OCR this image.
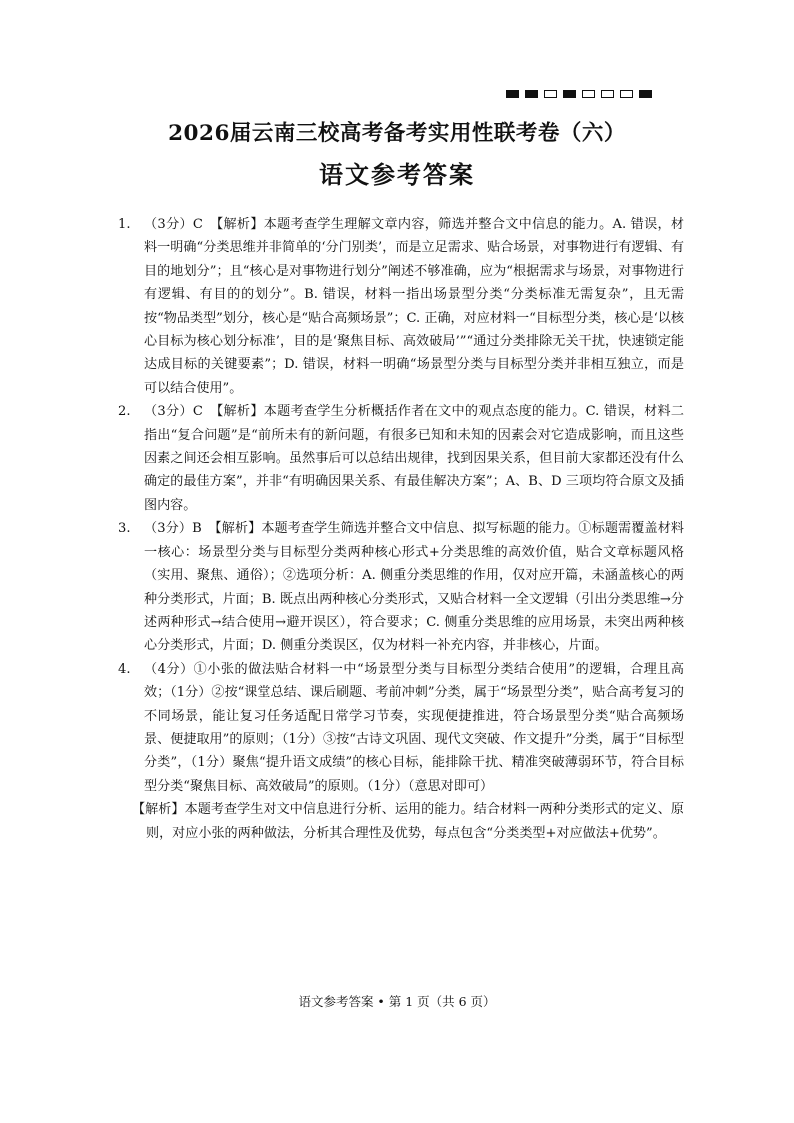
2026届云南三校高考备考实用性联考卷（六）
语文参考答案
1. （3分）C　【解析】本题考查学生理解文章内容，筛选并整合文中信息的能力。A. 错误，材料一明确“分类思维并非简单的‘分门别类’，而是立足需求、贴合场景，对事物进行有逻辑、有目的地划分”；且“核心是对事物进行划分”阐述不够准确，应为“根据需求与场景，对事物进行有逻辑、有目的的划分”。B. 错误，材料一指出场景型分类“分类标准无需复杂”，且无需按“物品类型”划分，核心是“贴合高频场景”；C. 正确，对应材料一“目标型分类，核心是‘以核心目标为核心划分标准’，目的是‘聚焦目标、高效破局’”“通过分类排除无关干扰，快速锁定能达成目标的关键要素”；D. 错误，材料一明确“场景型分类与目标型分类并非相互独立，而是可以结合使用”。
2. （3分）C　【解析】本题考查学生分析概括作者在文中的观点态度的能力。C. 错误，材料二指出“复合问题”是“前所未有的新问题，有很多已知和未知的因素会对它造成影响，而且这些因素之间还会相互影响。虽然事后可以总结出规律，找到因果关系，但目前大家都还没有什么确定的最佳方案”，并非“有明确因果关系、有最佳解决方案”；A、B、D 三项均符合原文及插图内容。
3. （3分）B　【解析】本题考查学生筛选并整合文中信息、拟写标题的能力。①标题需覆盖材料一核心：场景型分类与目标型分类两种核心形式+分类思维的高效价值，贴合文章标题风格（实用、聚焦、通俗）；②选项分析：A. 侧重分类思维的作用，仅对应开篇，未涵盖核心的两种分类形式，片面；B. 既点出两种核心分类形式，又贴合材料一全文逻辑（引出分类思维→分述两种形式→结合使用→避开误区），符合要求；C. 侧重分类思维的应用场景，未突出两种核心分类形式，片面；D. 侧重分类误区，仅为材料一补充内容，并非核心，片面。
4. （4分）①小张的做法贴合材料一中“场景型分类与目标型分类结合使用”的逻辑，合理且高效；（1分）②按“课堂总结、课后刷题、考前冲刺”分类，属于“场景型分类”，贴合高考复习的不同场景，能让复习任务适配日常学习节奏，实现便捷推进，符合场景型分类“贴合高频场景、便捷取用”的原则；（1分）③按“古诗文巩固、现代文突破、作文提升”分类，属于“目标型分类”，（1分）聚焦“提升语文成绩”的核心目标，能排除干扰、精准突破薄弱环节，符合目标型分类“聚焦目标、高效破局”的原则。（1分）（意思对即可）
【解析】本题考查学生对文中信息进行分析、运用的能力。结合材料一两种分类形式的定义、原则，对应小张的两种做法，分析其合理性及优势，每点包含“分类类型+对应做法+优势”。
语文参考答案 • 第 1 页（共 6 页）
